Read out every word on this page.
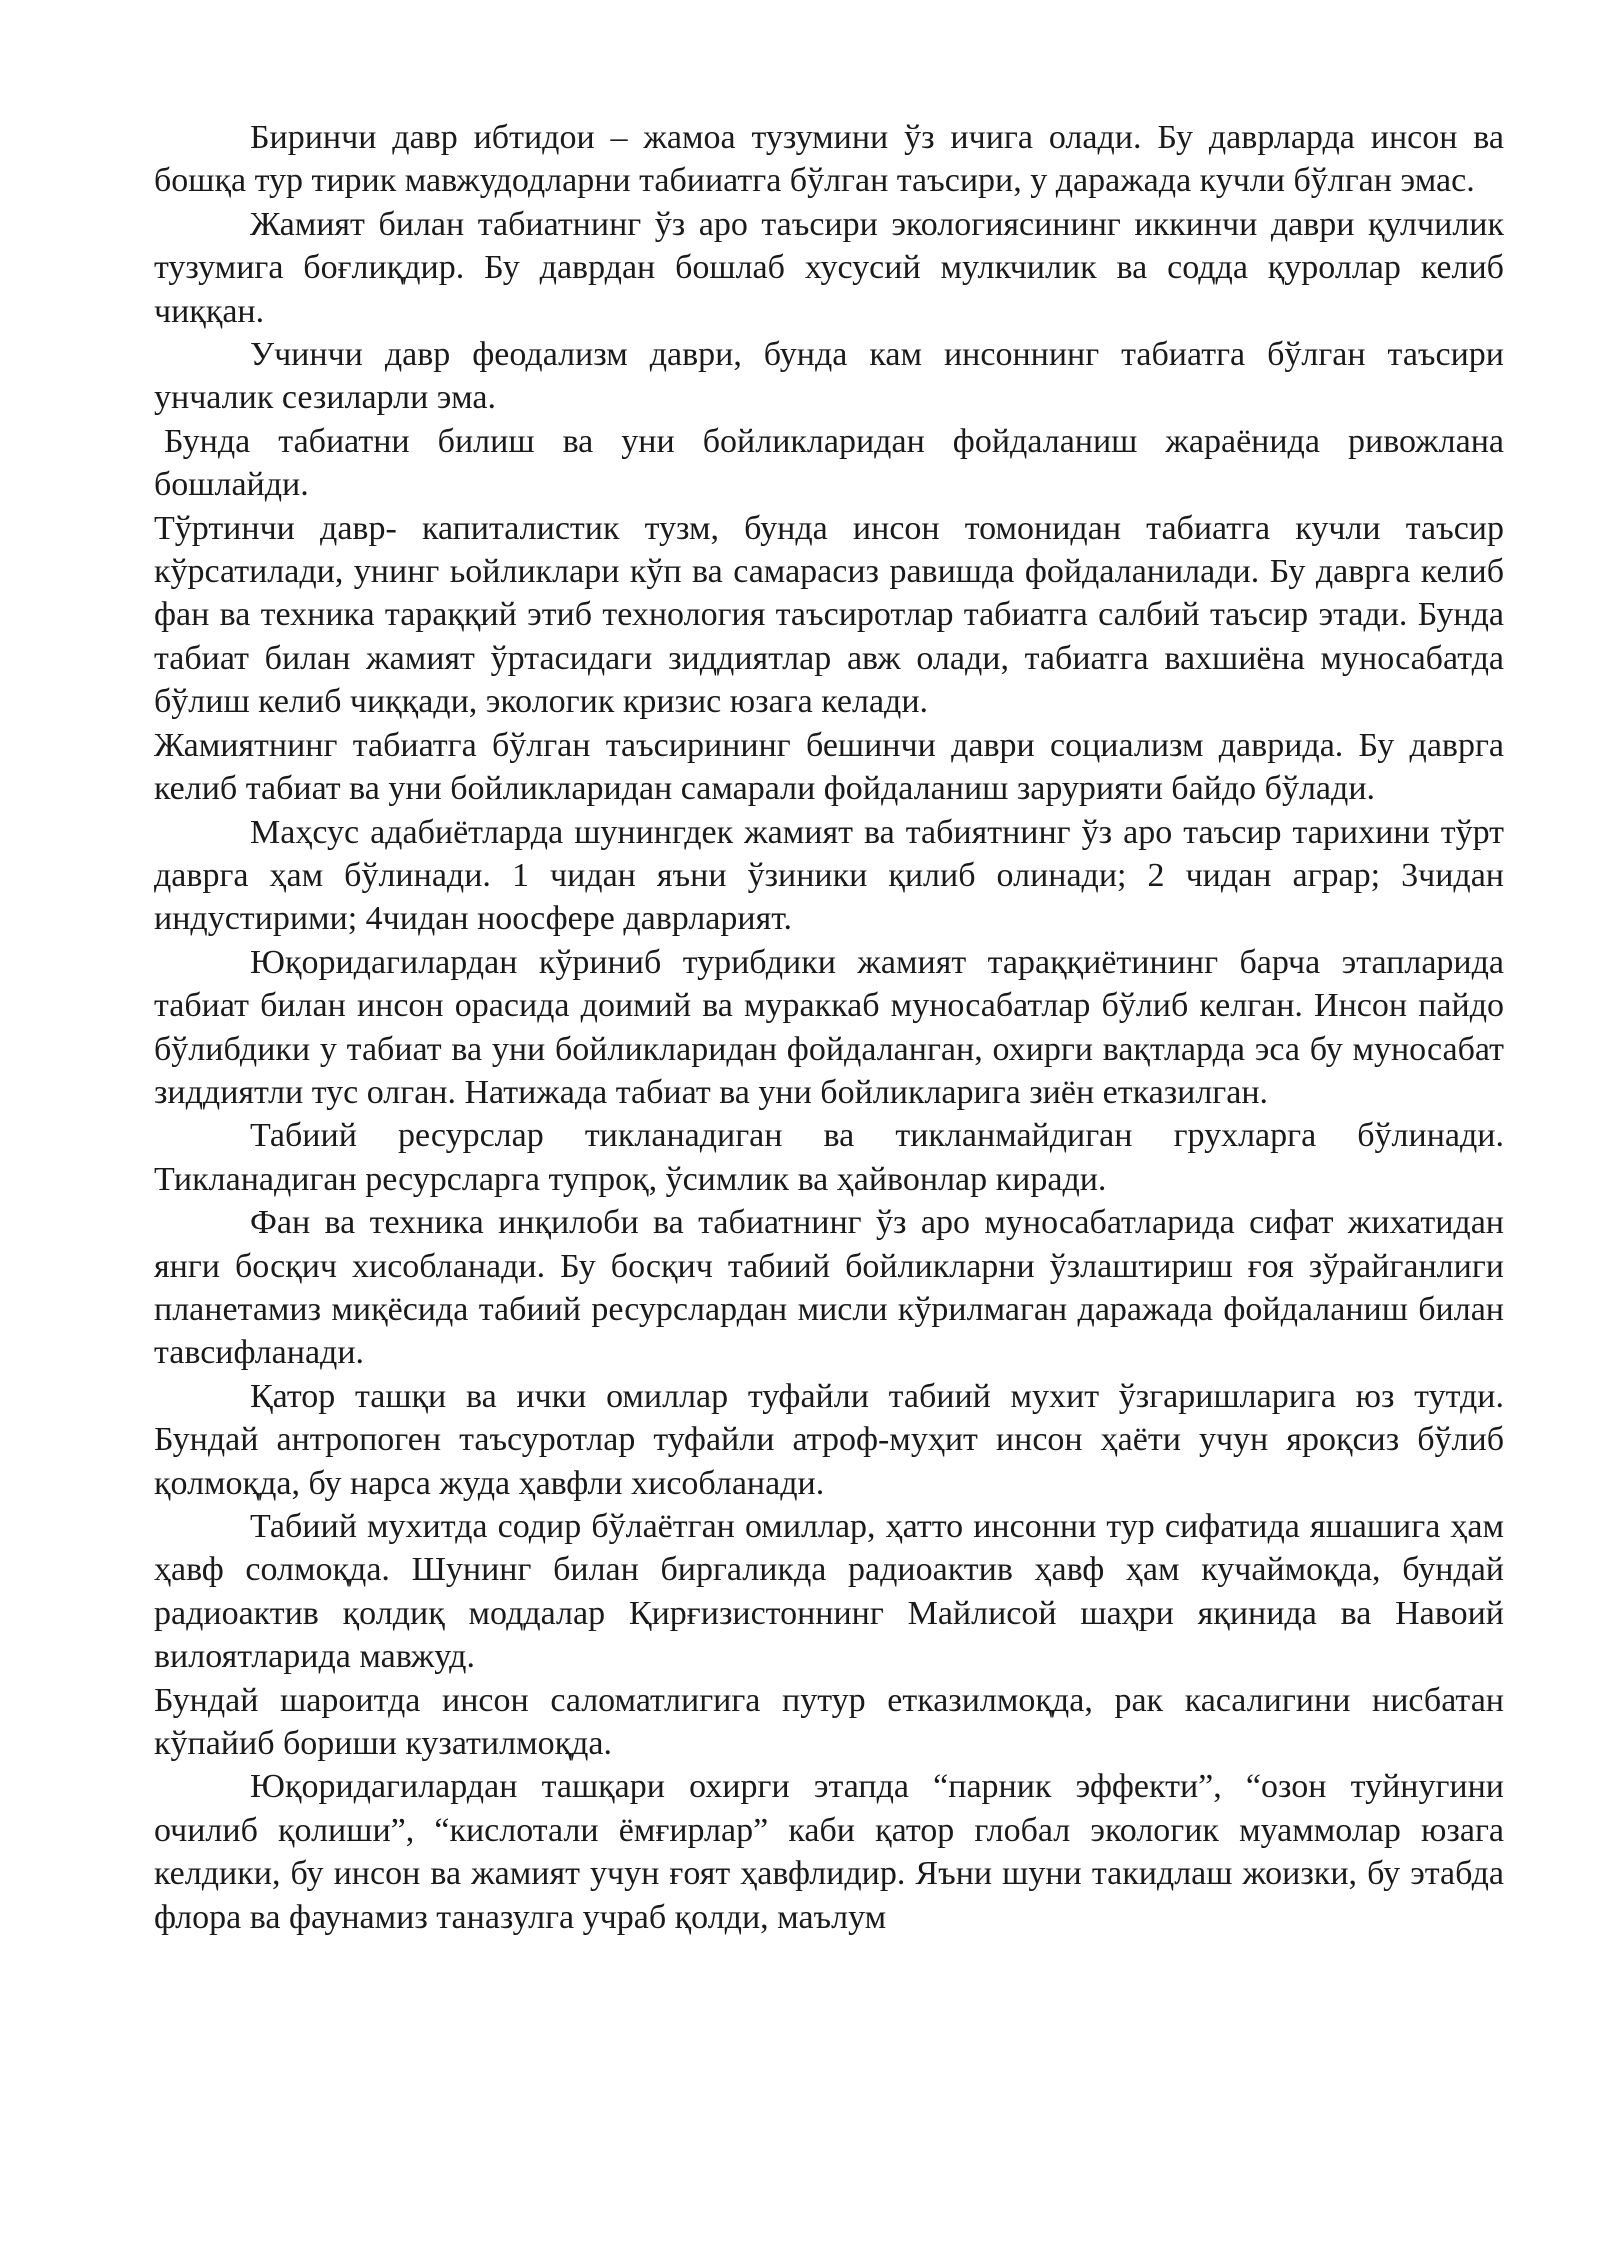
Биринчи давр ибтидои – жамоа тузумини ўз ичига олади. Бу даврларда инсон ва бошқа тур тирик мавжудодларни табииатга бўлган таъсири, у даражада кучли бўлган эмас.

Жамият билан табиатнинг ўз аро таъсири экологиясининг иккинчи даври қулчилик тузумига боғлиқдир. Бу даврдан бошлаб хусусий мулкчилик ва содда қуроллар келиб чиққан.

Учинчи давр феодализм даври, бунда кам инсоннинг табиатга бўлган таъсири унчалик сезиларли эма.

Бунда табиатни билиш ва уни бойликларидан фойдаланиш жараёнида ривожлана бошлайди.

Тўртинчи давр- капиталистик тузм, бунда инсон томонидан табиатга кучли таъсир кўрсатилади, унинг ьойликлари кўп ва самарасиз равишда фойдаланилади. Бу даврга келиб фан ва техника тараққий этиб технология таъсиротлар табиатга салбий таъсир этади. Бунда табиат билан жамият ўртасидаги зиддиятлар авж олади, табиатга вахшиёна муносабатда бўлиш келиб чиққади, экологик кризис юзага келади.

Жамиятнинг табиатга бўлган таъсирининг бешинчи даври социализм даврида. Бу даврга келиб табиат ва уни бойликларидан самарали фойдаланиш зарурияти байдо бўлади.

Маҳсус адабиётларда шунингдек жамият ва табиятнинг ўз аро таъсир тарихини тўрт даврга ҳам бўлинади. 1 чидан яъни ўзиники қилиб олинади; 2 чидан аграр; 3чидан индустирими; 4чидан ноосфере даврларият.

Юқоридагилардан кўриниб турибдики жамият тараққиётининг барча этапларида табиат билан инсон орасида доимий ва мураккаб муносабатлар бўлиб келган. Инсон пайдо бўлибдики у табиат ва уни бойликларидан фойдаланган, охирги вақтларда эса бу муносабат зиддиятли тус олган. Натижада табиат ва уни бойликларига зиён етказилган.

Табиий ресурслар тикланадиган ва тикланмайдиган грухларга бўлинади. Тикланадиган ресурсларга тупроқ, ўсимлик ва ҳайвонлар киради.

Фан ва техника инқилоби ва табиатнинг ўз аро муносабатларида сифат жихатидан янги босқич хисобланади. Бу босқич табиий бойликларни ўзлаштириш ғоя зўрайганлиги планетамиз миқёсида табиий ресурслардан мисли кўрилмаган даражада фойдаланиш билан тавсифланади.

Қатор ташқи ва ички омиллар туфайли табиий мухит ўзгаришларига юз тутди. Бундай антропоген таъсуротлар туфайли атроф-муҳит инсон ҳаёти учун яроқсиз бўлиб қолмоқда, бу нарса жуда ҳавфли хисобланади.

Табиий мухитда содир бўлаётган омиллар, ҳатто инсонни тур сифатида яшашига ҳам ҳавф солмоқда. Шунинг билан биргаликда радиоактив ҳавф ҳам кучаймоқда, бундай радиоактив қолдиқ моддалар Қирғизистоннинг Майлисой шаҳри яқинида ва Навоий вилоятларида мавжуд.

Бундай шароитда инсон саломатлигига путур етказилмоқда, рак касалигини нисбатан кўпайиб бориши кузатилмоқда.

Юқоридагилардан ташқари охирги этапда “парник эффекти”, “озон туйнугини очилиб қолиши”, “кислотали ёмғирлар” каби қатор глобал экологик муаммолар юзага келдики, бу инсон ва жамият учун ғоят ҳавфлидир. Яъни шуни такидлаш жоизки, бу этабда флора ва фаунамиз таназулга учраб қолди, маълум
